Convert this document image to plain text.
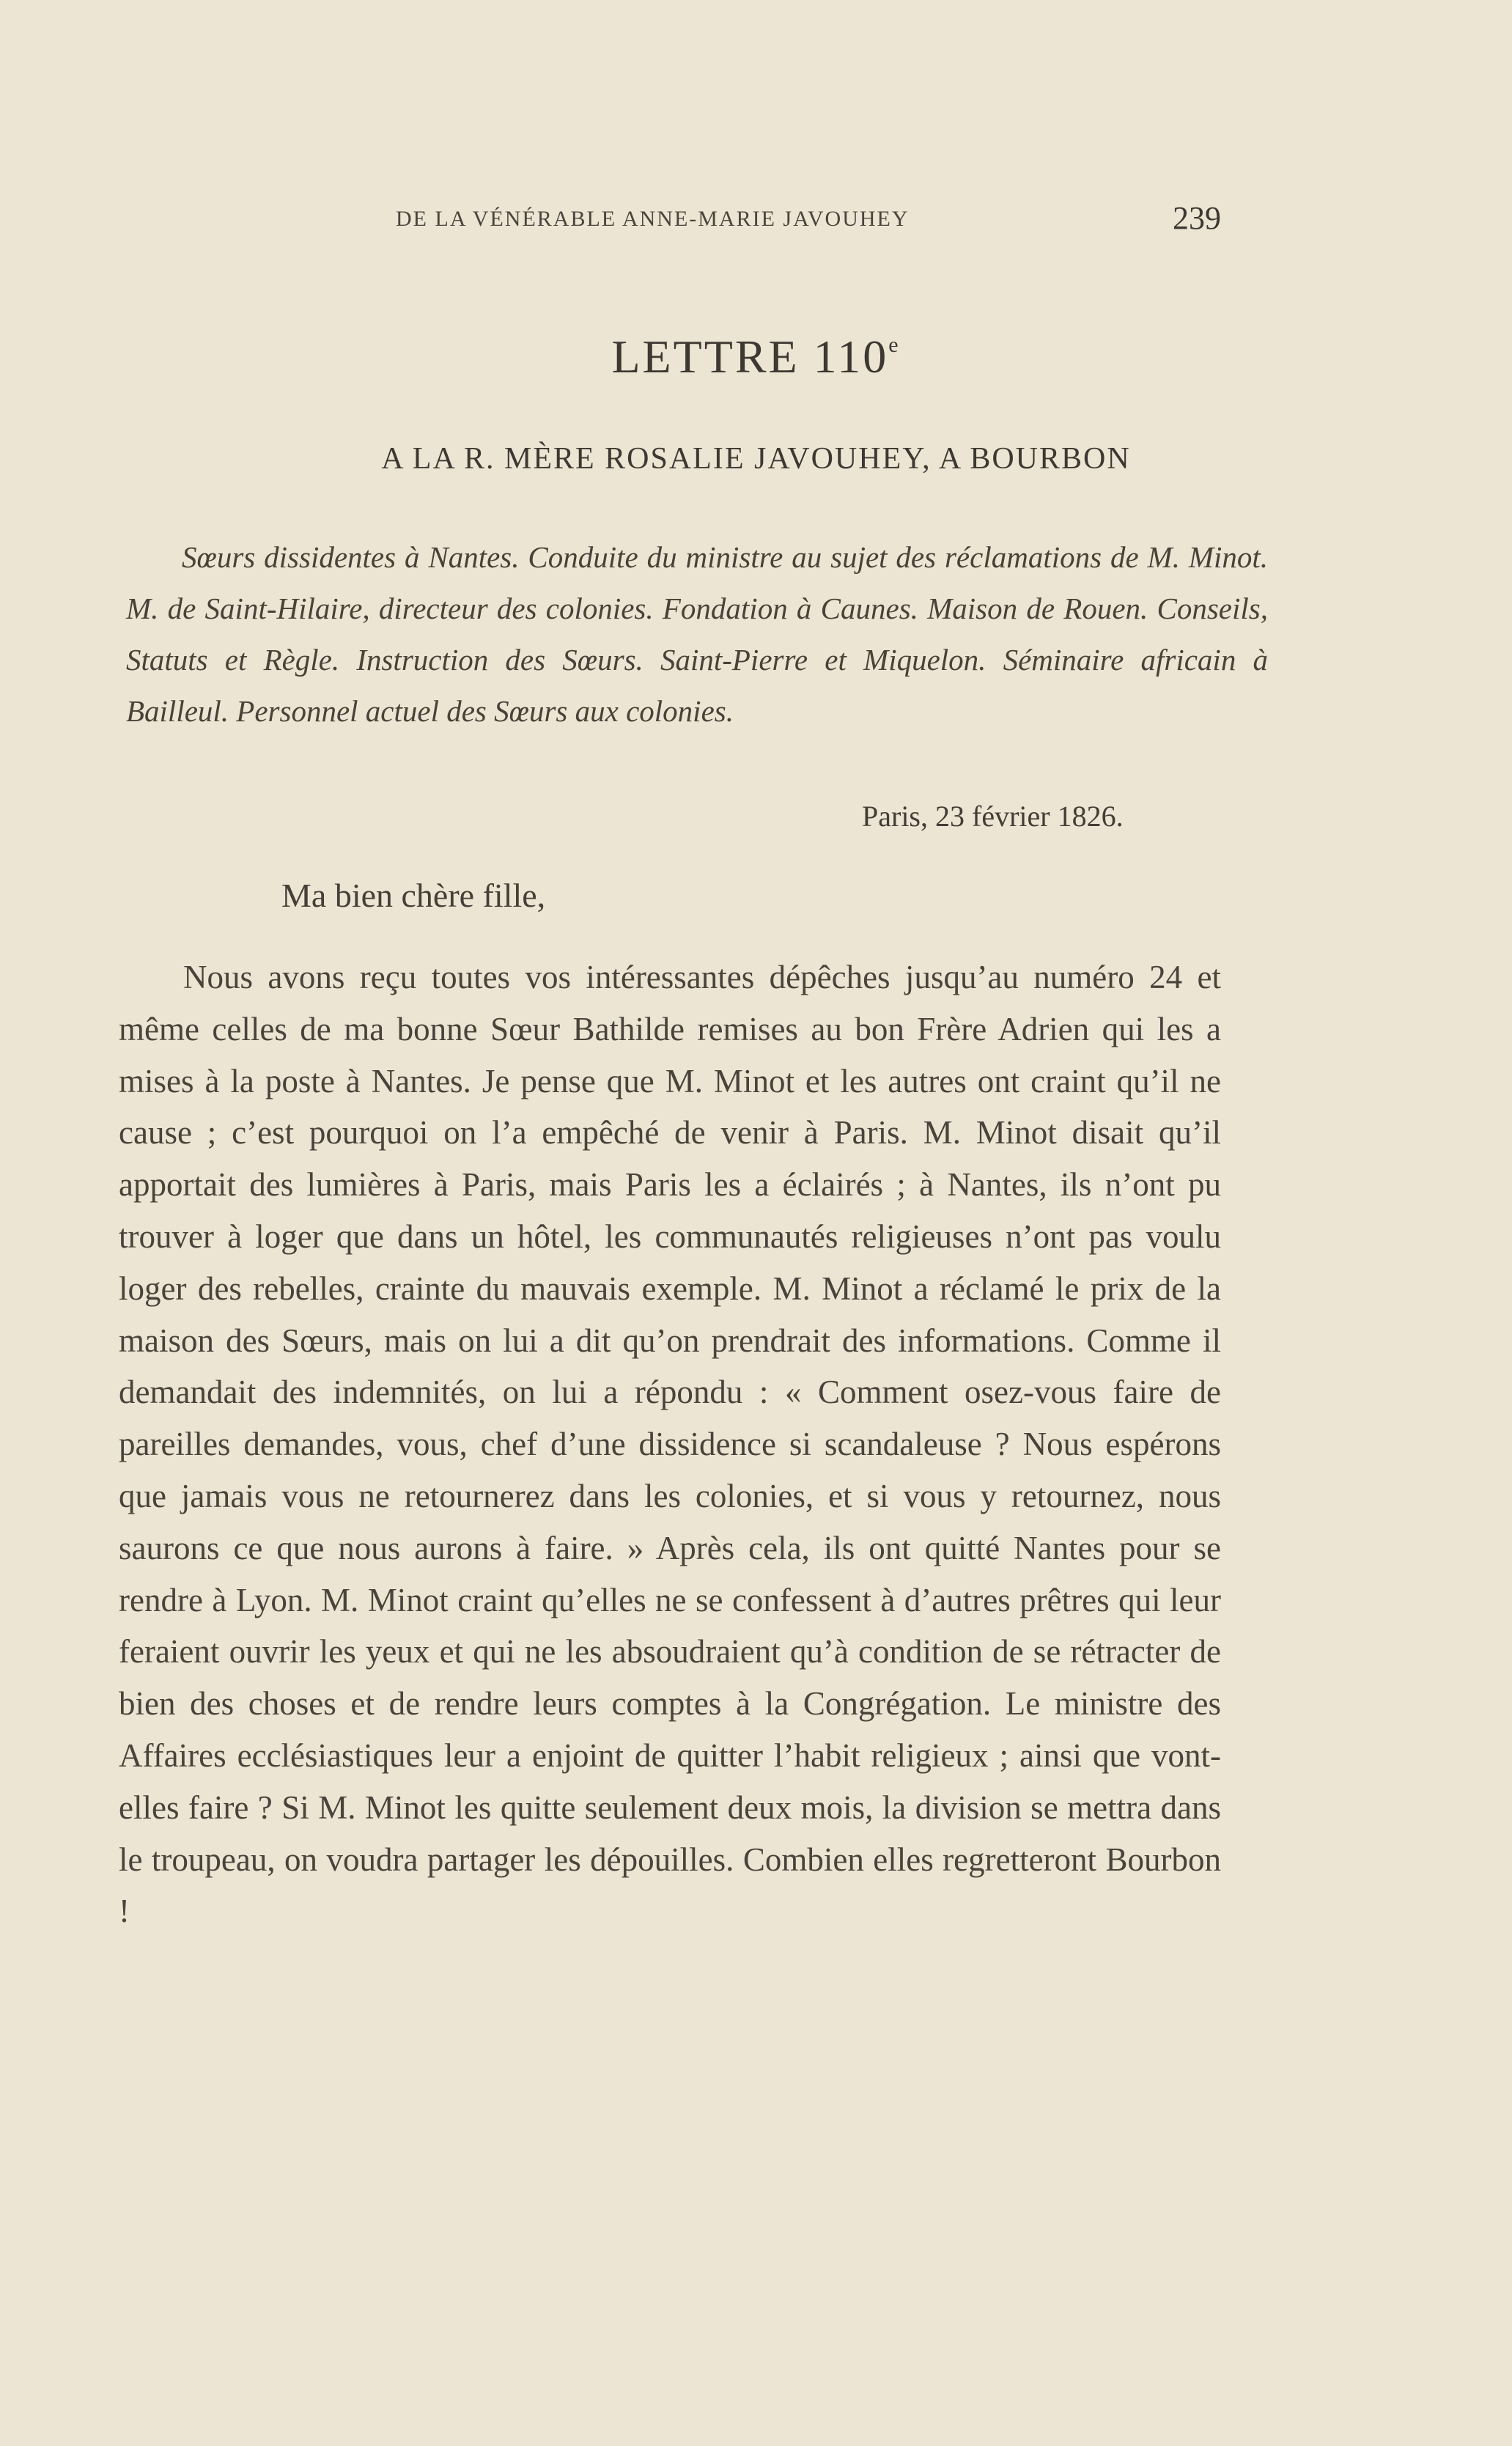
DE LA VÉNÉRABLE ANNE-MARIE JAVOUHEY	239
LETTRE 110e
A LA R. MÈRE ROSALIE JAVOUHEY, A BOURBON

Sœurs dissidentes à Nantes. Conduite du ministre au sujet des réclamations de M. Minot. M. de Saint-Hilaire, directeur des colonies. Fondation à Caunes. Maison de Rouen. Conseils, Statuts et Règle. Instruction des Sœurs. Saint-Pierre et Miquelon. Séminaire africain à Bailleul. Personnel actuel des Sœurs aux colonies.

Paris, 23 février 1826.
Ma bien chère fille,

Nous avons reçu toutes vos intéressantes dépêches jusqu’au numéro 24 et même celles de ma bonne Sœur Bathilde remises au bon Frère Adrien qui les a mises à la poste à Nantes. Je pense que M. Minot et les autres ont craint qu’il ne cause ; c’est pourquoi on l’a empêché de venir à Paris. M. Minot disait qu’il apportait des lumières à Paris, mais Paris les a éclairés ; à Nantes, ils n’ont pu trouver à loger que dans un hôtel, les communautés religieuses n’ont pas voulu loger des rebelles, crainte du mauvais exemple. M. Minot a réclamé le prix de la maison des Sœurs, mais on lui a dit qu’on prendrait des informations. Comme il demandait des indemnités, on lui a répondu : « Comment osez-vous faire de pareilles demandes, vous, chef d’une dissidence si scandaleuse ? Nous espérons que jamais vous ne retournerez dans les colonies, et si vous y retournez, nous saurons ce que nous aurons à faire. » Après cela, ils ont quitté Nantes pour se rendre à Lyon. M. Minot craint qu’elles ne se confessent à d’autres prêtres qui leur feraient ouvrir les yeux et qui ne les absoudraient qu’à condition de se rétracter de bien des choses et de rendre leurs comptes à la Congrégation. Le ministre des Affaires ecclésiastiques leur a enjoint de quitter l’habit religieux ; ainsi que vont-elles faire ? Si M. Minot les quitte seulement deux mois, la division se mettra dans le troupeau, on voudra partager les dépouilles. Combien elles regretteront Bourbon !
